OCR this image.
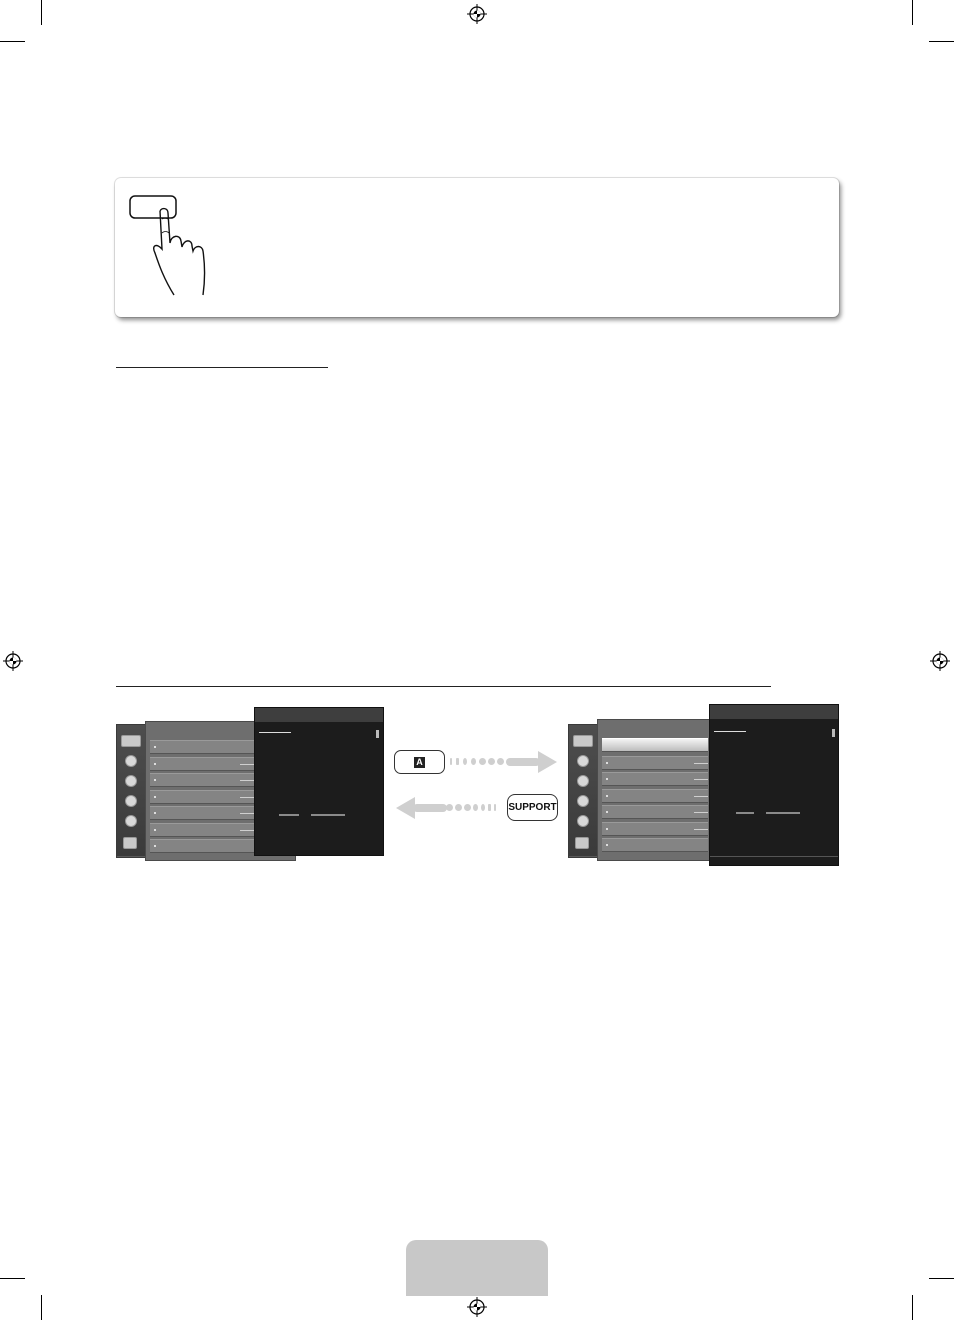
A
SUPPORT
